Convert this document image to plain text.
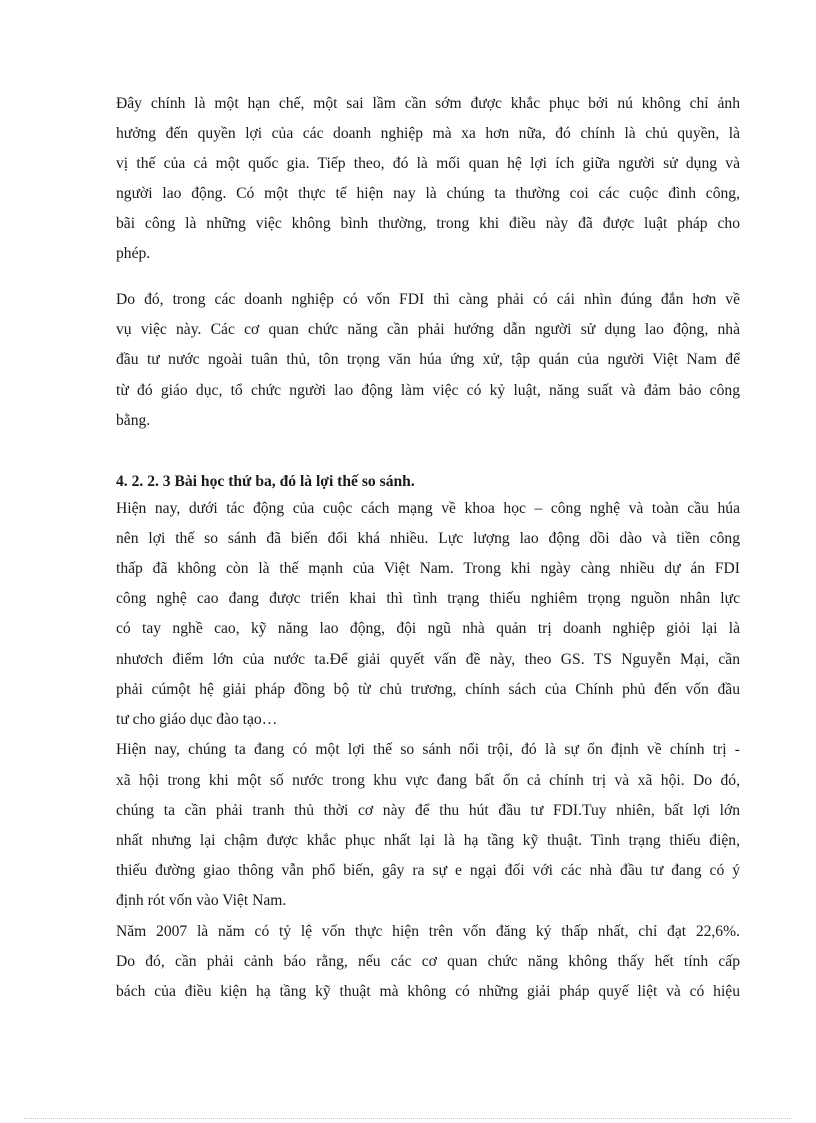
Đây chính là một hạn chế, một sai lầm cần sớm được khắc phục bởi nú không chỉ ảnh
hưởng đến quyền lợi của các doanh nghiệp mà xa hơn nữa, đó chính là chủ quyền, là
vị thế của cả một quốc gia. Tiếp theo, đó là mối quan hệ lợi ích giữa người sử dụng và
người lao động. Có một thực tế hiện nay là chúng ta thường coi các cuộc đình công,
bãi công là những việc không bình thường, trong khi điều này đã được luật pháp cho
phép.
Do đó, trong các doanh nghiệp có vốn FDI thì càng phải có cái nhìn đúng đắn hơn về
vụ việc này. Các cơ quan chức năng cần phải hướng dẫn người sử dụng lao động, nhà
đầu tư nước ngoài tuân thủ, tôn trọng văn húa ứng xử, tập quán của người Việt Nam để
từ đó giáo dục, tổ chức người lao động làm việc có kỷ luật, năng suất và đảm bảo công
bằng.
4. 2. 2. 3 Bài học thứ ba, đó là lợi thế so sánh.
Hiện nay, dưới tác động của cuộc cách mạng về khoa học – công nghệ và toàn cầu húa
nên lợi thế so sánh đã biến đổi khá nhiều. Lực lượng lao động dồi dào và tiền công
thấp đã không còn là thế mạnh của Việt Nam. Trong khi ngày càng nhiều dự án FDI
công nghệ cao đang được triển khai thì tình trạng thiếu nghiêm trọng nguồn nhân lực
có tay nghề cao, kỹ năng lao động, đội ngũ nhà quản trị doanh nghiệp giỏi lại là
nhươch điểm lớn của nước ta.Để giải quyết vấn đề này, theo GS. TS Nguyễn Mại, cần
phải cúmột hệ giải pháp đồng bộ từ chủ trương, chính sách của Chính phủ đến vốn đầu
tư cho giáo dục đào tạo…
Hiện nay, chúng ta đang có một lợi thế so sánh nổi trội, đó là sự ổn định về chính trị -
xã hội trong khi một số nước trong khu vực đang bất ổn cả chính trị và xã hội. Do đó,
chúng ta cần phải tranh thủ thời cơ này để thu hút đầu tư FDI.Tuy nhiên, bất lợi lớn
nhất nhưng lại chậm được khắc phục nhất lại là hạ tầng kỹ thuật. Tình trạng thiếu điện,
thiếu đường giao thông vẫn phổ biến, gây ra sự e ngại đối với các nhà đầu tư đang có ý
định rót vốn vào Việt Nam.
Năm 2007 là năm có tỷ lệ vốn thực hiện trên vốn đăng ký thấp nhất, chỉ đạt 22,6%.
Do đó, cần phải cảnh báo rằng, nếu các cơ quan chức năng không thấy hết tính cấp
bách của điều kiện hạ tầng kỹ thuật mà không có những giải pháp quyế liệt và có hiệu
